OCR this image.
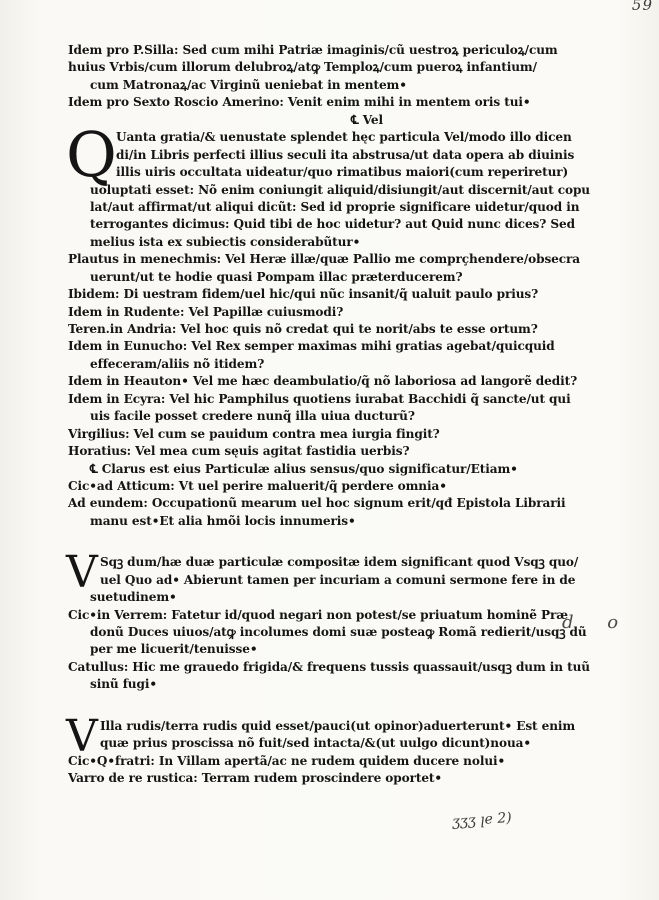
59
Idem pro P.Silla: Sed cum mihi Patriæ imaginis/cũ uestroꝝ periculoꝝ/cum
huius Vrbis/cum illorum delubroꝝ/atꝙ Temploꝝ/cum pueroꝝ infantium/
cum Matronaꝝ/ac Virginũ ueniebat in mentem•
Idem pro Sexto Roscio Amerino: Venit enim mihi in mentem oris tui•
℄ Vel
Q Uanta gratia/& uenustate splendet hęc particula Vel/modo illo dicen
di/in Libris perfecti illius seculi ita abstrusa/ut data opera ab diuinis
illis uiris occultata uideatur/quo rimatibus maiori(cum reperiretur)
uoluptati esset: Nõ enim coniungit aliquid/disiungit/aut discernit/aut copu
lat/aut affirmat/ut aliqui dicũt: Sed id proprie significare uidetur/quod in
terrogantes dicimus: Quid tibi de hoc uidetur? aut Quid nunc dices? Sed
melius ista ex subiectis considerabũtur•
Plautus in menechmis: Vel Heræ illæ/quæ Pallio me comprçhendere/obsecra
uerunt/ut te hodie quasi Pompam illac præterducerem?
Ibidem: Di uestram fidem/uel hic/qui nũc insanit/q̃ ualuit paulo prius?
Idem in Rudente: Vel Papillæ cuiusmodi?
Teren.in Andria: Vel hoc quis nõ credat qui te norit/abs te esse ortum?
Idem in Eunucho: Vel Rex semper maximas mihi gratias agebat/quicquid
effeceram/aliis nõ itidem?
Idem in Heauton• Vel me hæc deambulatio/q̃ nõ laboriosa ad langorẽ dedit?
Idem in Ecyra: Vel hic Pamphilus quotiens iurabat Bacchidi q̃ sancte/ut qui
uis facile posset credere nunq̃ illa uiua ducturũ?
Virgilius: Vel cum se pauidum contra mea iurgia fingit?
Horatius: Vel mea cum sęuis agitat fastidia uerbis?
℄ Clarus est eius Particulæ alius sensus/quo significatur/Etiam•
Cic•ad Atticum: Vt uel perire maluerit/q̃ perdere omnia•
Ad eundem: Occupationũ mearum uel hoc signum erit/qđ Epistola Librarii
manu est•Et alia hmõi locis innumeris•
V Sqꝫ dum/hæ duæ particulæ compositæ idem significant quod Vsqꝫ quo/
uel Quo ad• Abierunt tamen per incuriam a comuni sermone fere in de
suetudinem•
Cic•in Verrem: Fatetur id/quod negari non potest/se priuatum hominẽ Præ
donũ Duces uiuos/atꝙ incolumes domi suæ posteaꝙ Romã redierit/usqꝫ dũ
per me licuerit/tenuisse•
Catullus: Hic me grauedo frigida/& frequens tussis quassauit/usqꝫ dum in tuũ
sinũ fugi•
V Illa rudis/terra rudis quid esset/pauci(ut opinor)aduerterunt• Est enim
quæ prius proscissa nõ fuit/sed intacta/&(ut uulgo dicunt)noua•
Cic•Q•fratri: In Villam apertã/ac ne rudem quidem ducere nolui•
Varro de re rustica: Terram rudem proscindere oportet•
d o
ʒʒʒ ꞁe 2)
